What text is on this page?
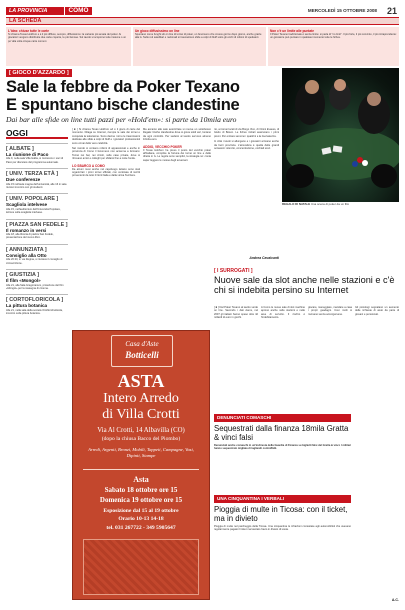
LA PROVINCIA	COMO	MERCOLEDÌ 15 OTTOBRE 2008 21
LA SCHEDA
L'idea: chiuse tutte le carte
Si chiama Texas Hold'em e è il più diffuso, sempre, diffusissimo: la variante più amata del poker. Ai giocatori vengono distribuite due carte coperte, le più famose. Sul tavolo si scoprono tutte insieme o un po' alla volta cinque carte comuni.
Un gioco diffusissimo on line
Spuntano come funghi siti on line di tornei di poker, un fenomeno che cresce giorno dopo giorno, anche grazie alla tv. Sulle reti satellitari e nazionali si trasmettono sfide a colpi di bluff sotto gli occhi di milioni di spettatori.
Non c'è un limite alle puntate
Il Poker Texano tradizionale è senza limite: si parla di "no limit". Il più forte, il più convinto, il più intraprendente: un giocatore può puntare in qualsiasi momento tutte le fiches.
[ GIOCO D'AZZARDO ]
Sale la febbre da Poker Texano
E spuntano bische clandestine
Dai bar alle sfide on line tutti pazzi per «Hold'em»: si parte da 10mila euro
REGALO DI NATALE Una scena di poker da un film
OGGI
[ ALBATE ]
La riunione di Paco
Alle 9, nella sala Villa Gallia, si riuniscono i soci di Paco per discutere del programma autunnale.
[ UNIV. TERZA ETÀ ]
Due conferenze
Alle 15 nell'aula magna dell'università, alle 16 in sala riunioni incontro con gli studenti.
[ UNIV. POPOLARE ]
Scagliola intelvese
Alle 15, nell'auditorium dell'Università Popolare, lezione sulla scagliola intelvese.
[ PIAZZA SAN FEDELE ]
Il romanzo in versi
Alle 18, alla libreria di piazza San Fedele, presentazione del nuovo libro.
[ ANNUNZIATA ]
Consiglio alla Otto
Alle 20.30, in via Regina, si riunisce il consiglio di circoscrizione.
[ GIUSTIZIA ]
Il film «Mongol»
Alle 21, alla Sala Gregorianum, proiezione del film «Mongol» per la rassegna di cinema.
[ CORTOFLORICOLA ]
La pittura botanica
Alle 21, nella sala della società Ortoflorofrutticola, incontro sulla pittura botanica.
[ ■ ] Si chiama Texas Hold'em ed è il gioco di carte del momento. Dilaga su Internet, riempie le sale dei tornei e conquista la televisione. Sono decine i siti e le trasmissioni dedicate alle sfide a colpi di bluff e i giocatori professionisti sono ormai delle vere celebrità.
Nel mondo si contano milioni di appassionati e anche in provincia di Como il fenomeno non accenna a fermarsi. Tornei nei bar, nei circoli, nelle case private, dove si ritrovano amici e colleghi per sfidarsi fino a notte fonda.
LO SBARCO A COMO
Da alcuni mesi anche nel capoluogo lariano sono stati organizzati i primi tornei ufficiali, con centinaia di iscritti provenienti da tutto il Nord Italia e dalla vicina Svizzera.
Ma accanto alle sale autorizzate si muove un sottobosco illegale: bische clandestine dove si gioca soldi veri, lontano da ogni controllo. Per sedersi al tavolo servono almeno 10mila euro.
ADDIO, VECCHIO POKER
Il Texas Hold'em ha preso il posto del vecchio poker all'italiana, complice la fortuna dei tornei on line e delle dirette in tv. Le regole sono semplici, la strategia no: conta saper leggere le mosse degli avversari.
rio, ai tornei locali di via Borgo Vico, di Orsini Evasso, di Giulio di Bosco. Le fiches iniziali assicurano i primi premi. Per entrare servono i quattrini e la riservatezza.
In città i tavoli si allungano e i giocatori arrivano anche da fuori provincia. L'atmosfera è quella delle grandi occasioni: silenzio, concentrazione, occhiali scuri.
Andrea Cavalcanti
Casa d'Aste
Botticelli
ASTA
Intero Arredo
di Villa Crotti
Via Al Crotti, 14 Albavilla (CO)
(dopo la chiusa Bacco del Piombo)
Arredi, Argenti, Bronzi, Mobili, Tappeti, Campagne, Vasi, Dipinti, Stampe
Asta
Sabato 18 ottobre ore 15
Domenica 19 ottobre ore 15
Esposizione dal 15 al 19 ottobre
Orario 10-13 14-18
tel. 031 267722 - 349 5905647
[ I SURROGATI ]
Nuove sale da slot anche nelle stazioni e c'è chi si indebita persino su Internet
[ ■ ] Dal Poker Texano al tavolo verde on line. Secondo i dati Aams, nel 2007 gli italiani hanno speso oltre 42 miliardi di euro in giochi.
A Como le nuove sale di slot machine aprono anche nelle stazioni e nelle aree di servizio. Il rischio è l'indebitamento.
giocare, maneggiare, mandare a casa i propri guadagni. Così molti si rovinano senza accorgersene.
Gli psicologi segnalano un aumento delle richieste di aiuto da parte di giovani e pensionati.
A.C.
DENUNCIATI COMASCHI
Sequestrati dalla finanza 18mila Gratta & vinci falsi
Denunciati anche comaschi in un'inchiesta della Guardia di Finanza su biglietti falsi del Gratta & vinci. I militari hanno sequestrato migliaia di tagliandi contraffatti.
UNA CINQUANTINA I VERBALI
Pioggia di multe in Ticosa: con il ticket, ma in divieto
Pioggia di multe nel parcheggio della Ticosa. Una cinquantina le infrazioni contestate agli automobilisti che avevano regolarmente pagato il ticket ma lasciato l'auto in divieto di sosta.
